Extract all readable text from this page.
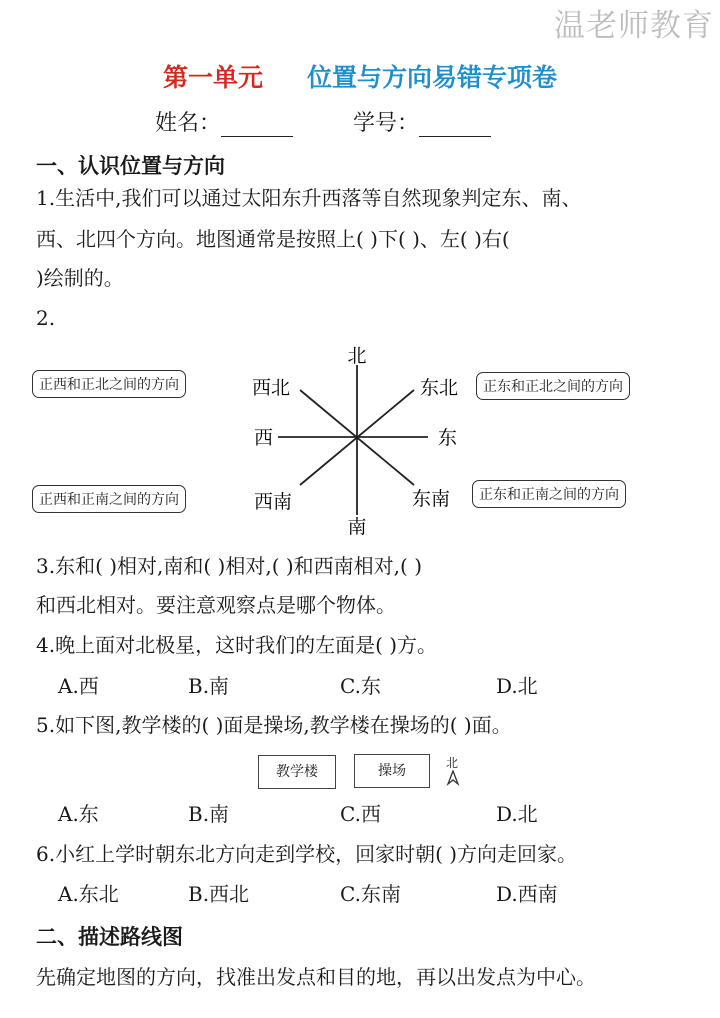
温老师教育
第一单元 位置与方向易错专项卷
姓名：	学号：
一、认识位置与方向
1.生活中,我们可以通过太阳东升西落等自然现象判定东、南、
西、北四个方向。地图通常是按照上( )下( )、左( )右(
)绘制的。
2.
北
南
东
西
西北	东北
西南	东南
正西和正北之间的方向	正东和正北之间的方向
正西和正南之间的方向	正东和正南之间的方向
3.东和( )相对,南和( )相对,( )和西南相对,( )
和西北相对。要注意观察点是哪个物体。
4.晚上面对北极星，这时我们的左面是( )方。
A.西	B.南	C.东	D.北
5.如下图,教学楼的( )面是操场,教学楼在操场的( )面。
教学楼	操场	北
A.东	B.南	C.西	D.北
6.小红上学时朝东北方向走到学校，回家时朝( )方向走回家。
A.东北	B.西北	C.东南	D.西南
二、描述路线图
先确定地图的方向，找准出发点和目的地，再以出发点为中心。
